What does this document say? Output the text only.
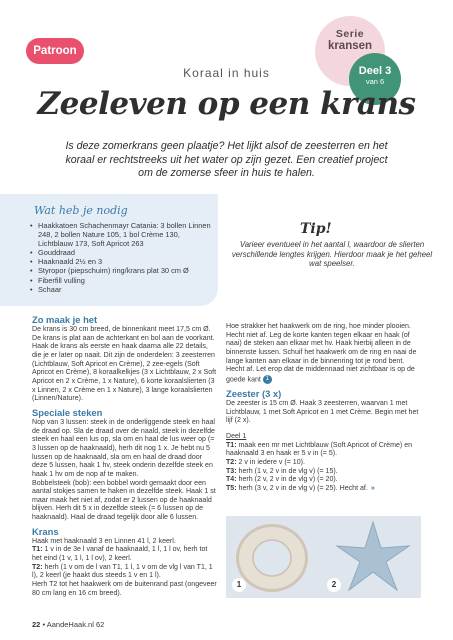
Patroon
Serie
kransen
Deel 3
van 6
Koraal in huis
Zeeleven op een krans
Is deze zomerkrans geen plaatje? Het lijkt alsof de zeesterren en het koraal er rechtstreeks uit het water op zijn gezet. Een creatief project om de zomerse sfeer in huis te halen.
Wat heb je nodig
• Haakkatoen Schachenmayr Catania: 3 bollen Linnen 248, 2 bollen Nature 105, 1 bol Crème 130, Lichtblauw 173, Soft Apricot 263
• Gouddraad
• Haaknaald 2½ en 3
• Styropor (piepschuim) ring/krans plat 30 cm Ø
• Fiberfill vulling
• Schaar
Tip!
Varieer eventueel in het aantal l, waardoor de slierten verschillende lengtes krijgen. Hierdoor maak je het geheel wat speelser.
Zo maak je het

De krans is 30 cm breed, de binnenkant meet 17,5 cm Ø. De krans is plat aan de achterkant en bol aan de voorkant. Haak de krans als eerste en haak daarna alle 22 details, die je er later op naait. Dit zijn de onderdelen: 3 zeesterren (Lichtblauw, Soft Apricot en Crème), 2 zee-egels (Soft Apricot en Crème), 8 koraalkelkjes (3 x Lichtblauw, 2 x Soft Apricot en 2 x Crème, 1 x Nature), 6 korte koraalslierten (3 x Linnen, 2 x Crème en 1 x Nature), 3 lange koraalslierten (Linnen/Nature).

Speciale steken

Nop van 3 lussen: steek in de onderliggende steek en haal de draad op. Sla de draad over de naald, steek in dezelfde steek en haal een lus op, sla om en haal de lus weer op (= 3 lussen op de haaknaald), herh dit nog 1 x. Je hebt nu 5 lussen op de haaknaald, sla om en haal de draad door deze 5 lussen, haak 1 hv, steek onderin dezelfde steek en haak 1 hv om de nop af te maken.

Bobbelsteek (bob): een bobbel wordt gemaakt door een aantal stokjes samen te haken in dezelfde steek. Haak 1 st maar maak het niet af, zodat er 2 lussen op de haaknaald blijven. Herh dit 5 x in dezelfde steek (= 6 lussen op de haaknaald). Haal de draad tegelijk door alle 6 lussen.

Krans

Haak met haaknaald 3 en Linnen 41 l, 2 keerl.

T1: 1 v in de 3e l vanaf de haaknaald, 1 l, 1 l ov, herh tot het eind (1 v, 1 l, 1 l ov), 2 keerl.

T2: herh (1 v om de l van T1, 1 l, 1 v om de vlg l van T1, 1 l), 2 keerl (je haakt dus steeds 1 v en 1 l).

Herh T2 tot het haakwerk om de buitenrand past (ongeveer 80 cm lang en 16 cm breed).

Hoe strakker het haakwerk om de ring, hoe minder plooien. Hecht niet af. Leg de korte kanten tegen elkaar en haak (of naai) de steken aan elkaar met hv. Haak hierbij alleen in de binnenste lussen. Schuif het haakwerk om de ring en naai de lange kanten aan elkaar in de binnenring tot je rond bent. Hecht af. Let erop dat de middennaad niet zichtbaar is op de goede kant 1

Zeester (3 x)

De zeester is 15 cm Ø. Haak 3 zeesterren, waarvan 1 met Lichtblauw, 1 met Soft Apricot en 1 met Crème. Begin met het lijf (2 x).

Deel 1

T1: maak een mr met Lichtblauw (Soft Apricot of Crème) en haaknaald 3 en haak er 5 v in (= 5).

T2: 2 v in iedere v (= 10).

T3: herh (1 v, 2 v in de vlg v) (= 15).

T4: herh (2 v, 2 v in de vlg v) (= 20).

T5: herh (3 v, 2 v in de vlg v) (= 25). Hecht af. »

1	2
22 • AandeHaak.nl 62
